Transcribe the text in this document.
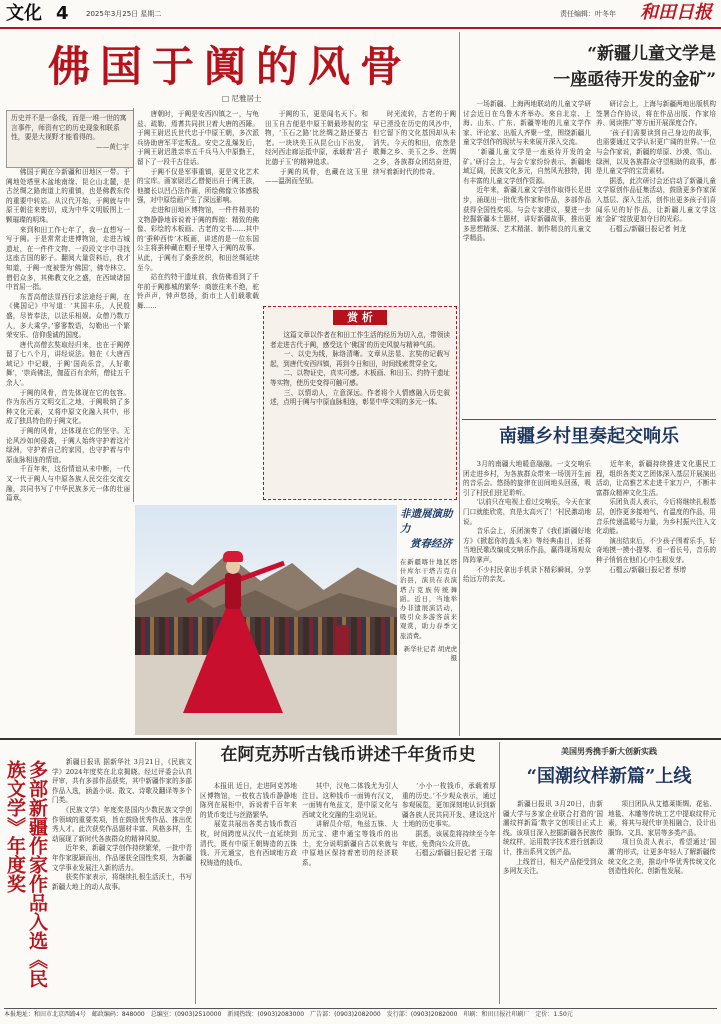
文化 4 2025年3月25日 星期二	责任编辑：叶冬年 和田日报
佛国于阗的风骨
□ 尼雅居士
历史并不是一条线，而是一堆一世的寓言事件，师资有它的历史现象和联系性，要是大视野才能看得的。
——黄仁宇
　　佛国于阗在今新疆和田地区一带。于阗地处塔里木盆地南缘、昆仑山北麓，是古丝绸之路南道上的重镇，也是佛教东传的重要中转站。从汉代开始，于阗就与中原王朝往来密切，成为中华文明版图上一颗璀璨的明珠。
　　来到和田工作七年了，我一直想写一写于阗。于是常常走进博物馆，走进古城遗址，在一件件文物、一段段文字中寻找这座古国的影子。翻阅大量资料后，我才知道，于阗一度被誉为‘佛国’，佛寺林立、僧侣众多，其佛教文化之盛，在西域诸国中首屈一指。
　　东晋高僧法显西行求法途经于阗，在《佛国记》中写道：‘其国丰乐，人民殷盛，尽皆奉法，以法乐相娱。众僧乃数万人，多大乘学。’寥寥数语，勾勒出一个繁荣安乐、信仰虔诚的国度。
　　唐代高僧玄奘取经归来，也在于阗停留了七八个月，讲经说法。他在《大唐西域记》中记载，于阗‘国尚乐音，人好歌舞’，‘崇尚佛法，伽蓝百有余所，僧徒五千余人’。
　　于阗的风骨，首先体现在它的包容。作为东西方文明交汇之地，于阗吸纳了多种文化元素，又将中原文化融入其中，形成了独具特色的于阗文化。
　　于阗的风骨，还体现在它的坚守。无论风沙如何侵袭，于阗人始终守护着这片绿洲，守护着自己的家园，也守护着与中原血脉相连的情谊。
　　千百年来，这份情谊从未中断，一代又一代于阗人与中原各族人民交往交流交融，共同书写了中华民族多元一体的壮丽篇章。
　　唐朝时，于阗是安西四镇之一，与龟兹、疏勒、焉耆共同拱卫着大唐的西陲。于阗王尉迟氏世代忠于中原王朝，多次派兵协助唐军平定叛乱。安史之乱爆发后，于阗王尉迟胜亲率五千兵马入中原勤王，留下了一段千古佳话。
　　于阗不仅是军事重镇，更是文化艺术的宝库。画家尉迟乙僧便出自于阗王族，他擅长以凹凸法作画，所绘佛像立体感极强，对中原绘画产生了深远影响。
　　走进和田地区博物馆，一件件精美的文物静静地诉说着于阗的辉煌：精致的佛像、彩绘的木板画、古老的文书……其中的‘蚕种西传’木板画，讲述的是一位东国公主将蚕种藏在帽子里带入于阗的故事。从此，于阗有了桑蚕丝织，和田丝绸延续至今。
　　站在约特干遗址前，我仿佛看到了千年前于阗都城的繁华：商旅往来不绝，驼铃声声，钟声悠扬，街市上人们载歌载舞……
　　于阗的玉，更是闻名天下。和田玉自古便是中原王朝最珍视的宝物，‘玉石之路’比丝绸之路还要古老。一块块美玉从昆仑山下出发，经河西走廊运抵中原，承载着‘君子比德于玉’的精神追求。
　　于阗的风骨，也藏在这玉里——温润而坚韧。
　　时光流转，古老的于阗早已湮没在历史的风沙中，但它留下的文化基因却从未消失。今天的和田，依然是歌舞之乡、美玉之乡、丝绸之乡，各族群众团结奋进，续写着新时代的传奇。
赏 析
　　这篇文章以作者在和田工作生活的经历为切入点，带领读者走进古代于阗，感受这个‘佛国’的历史风貌与精神气质。
　　一、以史为线，脉络清晰。文章从法显、玄奘的记载写起，到唐代安西四镇，再到今日和田，时间线索贯穿全文。
　　二、以物证史，真实可感。木板画、和田玉、约特干遗址等实物，使历史变得可触可感。
　　三、以情动人，立意深远。作者将个人情感融入历史叙述，点明于阗与中原血脉相连，彰显中华文明的多元一体。
非遗展演助力
赏春经济
在新疆喀什地区塔什库尔干塔吉克自治县，演员在表演塔吉克族传统舞蹈。近日，当地举办非遗展演活动，吸引众多游客前来观赏，助力春季文旅消费。
新华社记者 胡虎虎摄
“新疆儿童文学是
一座亟待开发的金矿”
　　一场新疆、上海两地联动的儿童文学研讨会近日在乌鲁木齐举办。来自北京、上海、山东、广东、新疆等地的儿童文学作家、评论家、出版人齐聚一堂，围绕新疆儿童文学创作的现状与未来展开深入交流。
　　‘新疆儿童文学是一座亟待开发的金矿。’研讨会上，与会专家纷纷表示，新疆地域辽阔，民族文化多元，自然风光独特，拥有丰富的儿童文学创作资源。
　　近年来，新疆儿童文学创作取得长足进步，涌现出一批优秀作家和作品，多部作品获得全国性奖项。与会专家建议，要进一步挖掘新疆本土题材，讲好新疆故事，推出更多思想精深、艺术精湛、制作精良的儿童文学精品。
　　研讨会上，上海与新疆两地出版机构签署合作协议，将在作品出版、作家培养、阅读推广等方面开展深度合作。
　　‘孩子们需要读到自己身边的故事，也需要通过文学认识更广阔的世界。’一位与会作家说，新疆的草原、沙漠、雪山、绿洲，以及各族群众守望相助的故事，都是儿童文学的宝贵素材。
　　据悉，此次研讨会还启动了新疆儿童文学原创作品征集活动，鼓励更多作家深入基层、深入生活，创作出更多孩子们喜闻乐见的好作品，让新疆儿童文学这座‘金矿’绽放更加夺目的光彩。
　　石榴云/新疆日报记者 何龙
南疆乡村里奏起交响乐
　　3月的南疆大地暖意融融。一支交响乐团走进乡村，为各族群众带来一场别开生面的音乐会。悠扬的旋律在田间地头回荡，吸引了村民们驻足聆听。
　　‘以前只在电视上看过交响乐，今天在家门口就能欣赏，真是太高兴了！’村民激动地说。
　　音乐会上，乐团演奏了《我们新疆好地方》《掀起你的盖头来》等经典曲目，还将当地民歌改编成交响乐作品，赢得现场观众阵阵掌声。
　　不少村民拿出手机录下精彩瞬间，分享给远方的亲友。
　　近年来，新疆持续推进文化惠民工程，组织各类文艺团体深入基层开展演出活动，让高雅艺术走进千家万户，不断丰富群众精神文化生活。
　　乐团负责人表示，今后将继续扎根基层，创作更多接地气、有温度的作品，用音乐传递温暖与力量，为乡村振兴注入文化动能。
　　演出结束后，不少孩子围着乐手，好奇地摸一摸小提琴、看一看长号，音乐的种子悄悄在他们心中生根发芽。
　　石榴云/新疆日报记者 蔡增
多部新疆作家作品入选《民族文学》年度奖	　　新疆日报讯 据新华社 3月21日，《民族文学》2024年度奖在北京揭晓。经过评委会认真评审，共有多部作品获奖，其中新疆作家的多部作品入选，涵盖小说、散文、诗歌及翻译等多个门类。
　　《民族文学》年度奖是国内少数民族文学创作领域的重要奖项，旨在鼓励优秀作品、推出优秀人才。此次获奖作品题材丰富、风格多样，生动展现了新时代各族群众的精神风貌。
　　近年来，新疆文学创作持续繁荣，一批中青年作家脱颖而出，作品屡获全国性奖项，为新疆文学事业发展注入新的活力。
　　获奖作家表示，将继续扎根生活沃土，书写新疆大地上的动人故事。
在阿克苏听古钱币讲述千年货币史
　　本报讯 近日，走进阿克苏地区博物馆，一枚枚古钱币静静地陈列在展柜中，诉说着千百年来的货币变迁与丝路繁华。
　　展览共展出各类古钱币数百枚，时间跨度从汉代一直延续到清代，既有中原王朝铸造的五铢钱、开元通宝，也有西域地方政权铸造的钱币。
　　其中，汉龟二体钱尤为引人注目。这种钱币一面铸有汉文，一面铸有龟兹文，是中原文化与西域文化交融的生动见证。
　　讲解员介绍，龟兹五铢、大历元宝、建中通宝等钱币的出土，充分说明新疆自古以来就与中原地区保持着密切的经济联系。
　　‘小小一枚钱币，承载着厚重的历史。’不少观众表示，通过参观展览，更加深刻地认识到新疆各族人民共同开发、建设这片土地的历史事实。
　　据悉，该展览将持续至今年年底，免费向公众开放。
　　石榴云/新疆日报记者 王瑞
美国男秀携手新大创新实践
“国潮纹样新篇”上线
　　新疆日报讯 3月20日，由新疆大学与多家企业联合打造的‘国潮纹样新篇’数字文创项目正式上线。该项目深入挖掘新疆各民族传统纹样，运用数字技术进行创新设计，推出系列文创产品。
　　上线首日，相关产品便受到众多网友关注。
　　项目团队从艾德莱斯绸、花毡、地毯、木雕等传统工艺中提取纹样元素，将其与现代审美相融合，设计出服饰、文具、家居等多类产品。
　　项目负责人表示，希望通过‘国潮’的形式，让更多年轻人了解新疆传统文化之美，推动中华优秀传统文化创造性转化、创新性发展。
本报地址：和田市北京西路4号　邮政编码：848000　总编室：(0903)2510000　新闻热线：(0903)2083000　广告部：(0903)2082000　发行部：(0903)2082000　印刷：和田日报社印刷厂　定价：1.50元
